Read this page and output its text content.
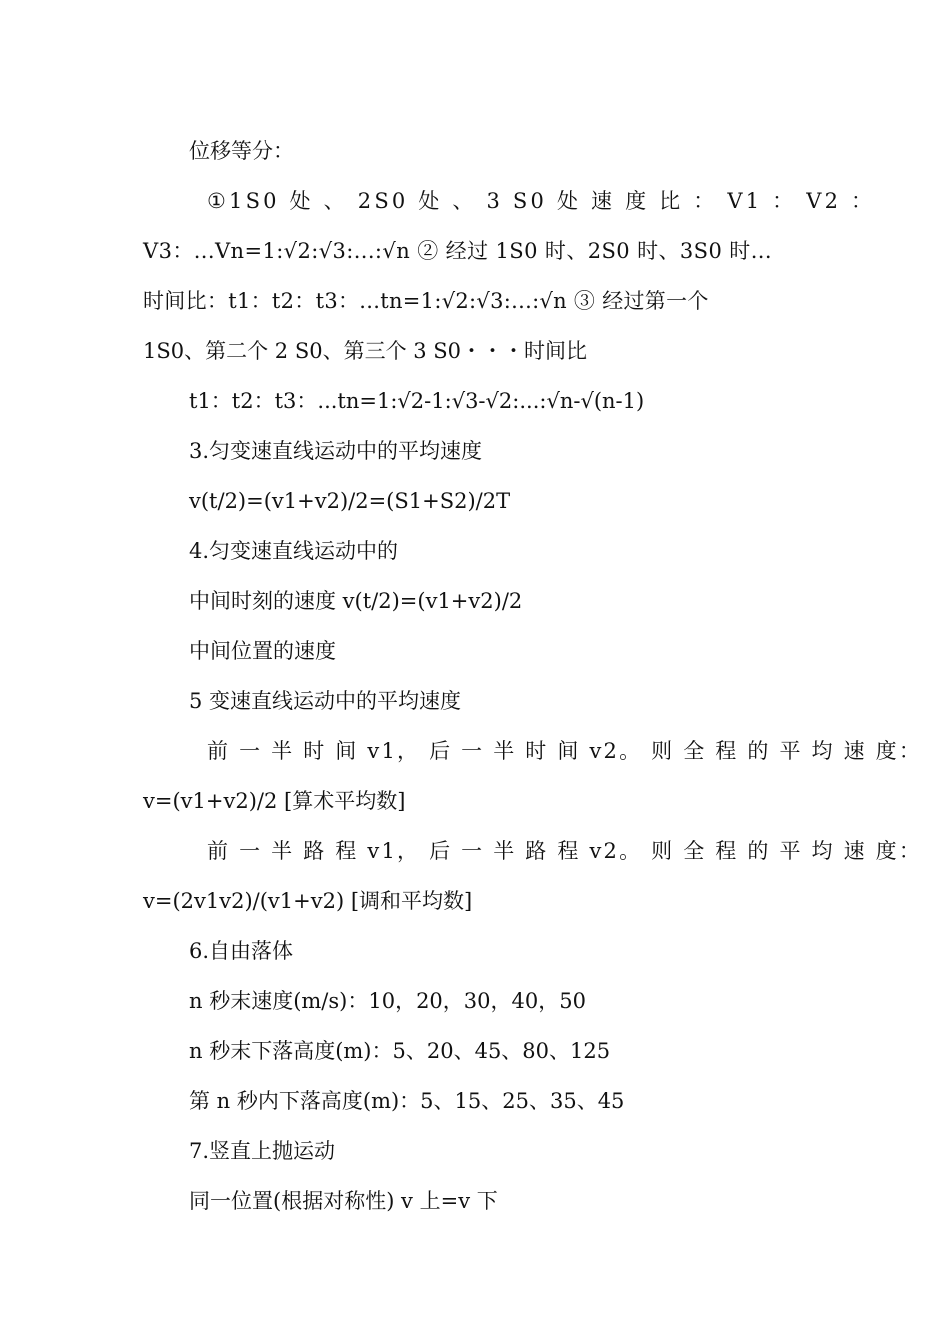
位移等分：
①1S0 处 、 2S0 处 、 3 S0 处 速 度 比 ： V1 ： V2 ：
V3：...Vn=1:√2:√3:...:√n ② 经过 1S0 时、2S0 时、3S0 时...
时间比：t1：t2：t3：...tn=1:√2:√3:...:√n ③ 经过第一个
1S0、第二个 2 S0、第三个 3 S0・・・时间比
t1：t2：t3：...tn=1:√2-1:√3-√2:...:√n-√(n-1)
3.匀变速直线运动中的平均速度
v(t/2)=(v1+v2)/2=(S1+S2)/2T
4.匀变速直线运动中的
中间时刻的速度 v(t/2)=(v1+v2)/2
中间位置的速度
5 变速直线运动中的平均速度
前 一 半 时 间 v1， 后 一 半 时 间 v2。 则 全 程 的 平 均 速 度：
v=(v1+v2)/2 [算术平均数]
前 一 半 路 程 v1， 后 一 半 路 程 v2。 则 全 程 的 平 均 速 度：
v=(2v1v2)/(v1+v2) [调和平均数]
6.自由落体
n 秒末速度(m/s)：10，20，30，40，50
n 秒末下落高度(m)：5、20、45、80、125
第 n 秒内下落高度(m)：5、15、25、35、45
7.竖直上抛运动
同一位置(根据对称性) v 上=v 下
